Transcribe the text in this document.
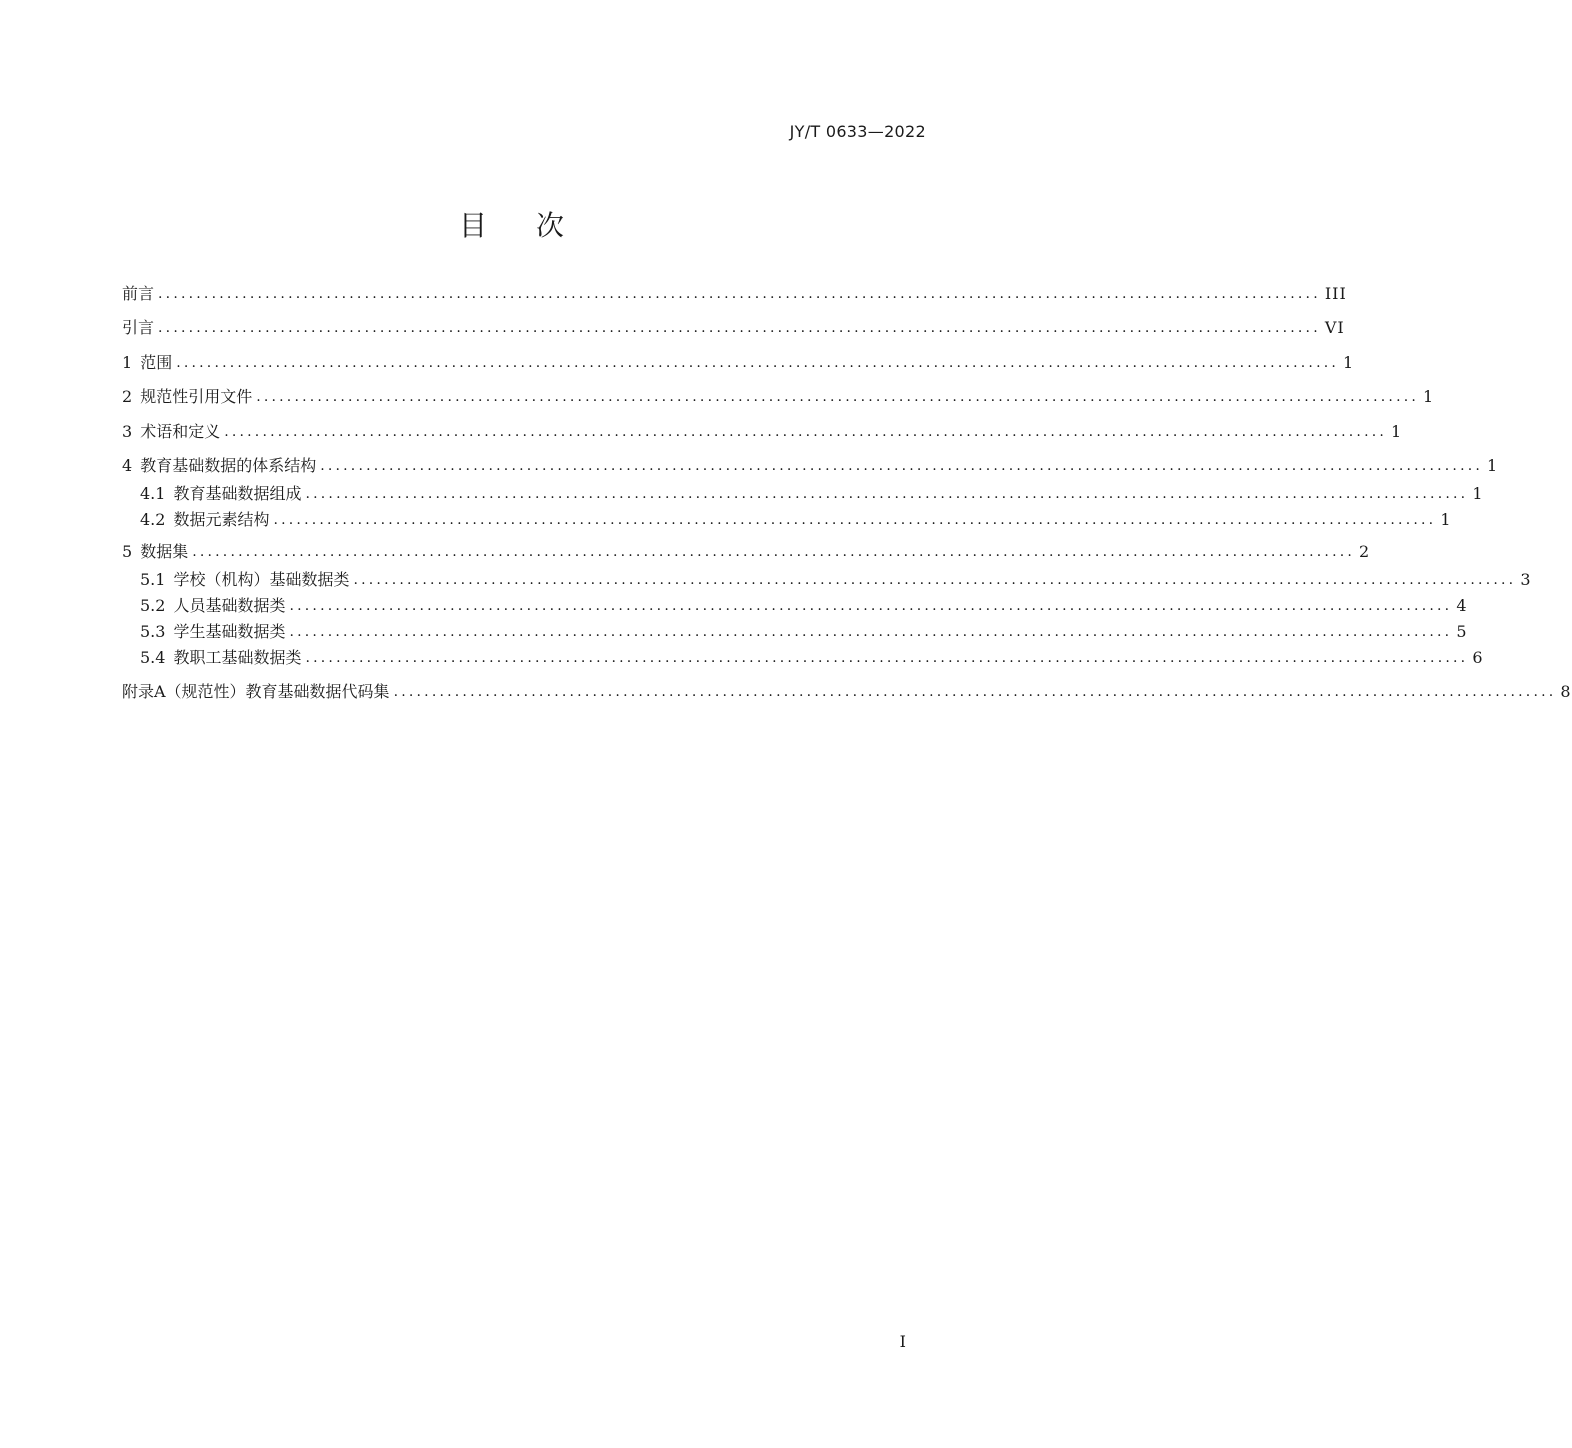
JY/T 0633—2022
目 次
前言 ........................................................................................................................................................ III
引言 ........................................................................................................................................................ VI
1 范围 ........................................................................................................................................................ 1
2 规范性引用文件 ........................................................................................................................................................ 1
3 术语和定义 ........................................................................................................................................................ 1
4 教育基础数据的体系结构 ........................................................................................................................................................ 1
4.1 教育基础数据组成 ........................................................................................................................................................ 1
4.2 数据元素结构 ........................................................................................................................................................ 1
5 数据集 ........................................................................................................................................................ 2
5.1 学校（机构）基础数据类 ........................................................................................................................................................ 3
5.2 人员基础数据类 ........................................................................................................................................................ 4
5.3 学生基础数据类 ........................................................................................................................................................ 5
5.4 教职工基础数据类 ........................................................................................................................................................ 6
附录A（规范性）教育基础数据代码集 ........................................................................................................................................................ 8
I
